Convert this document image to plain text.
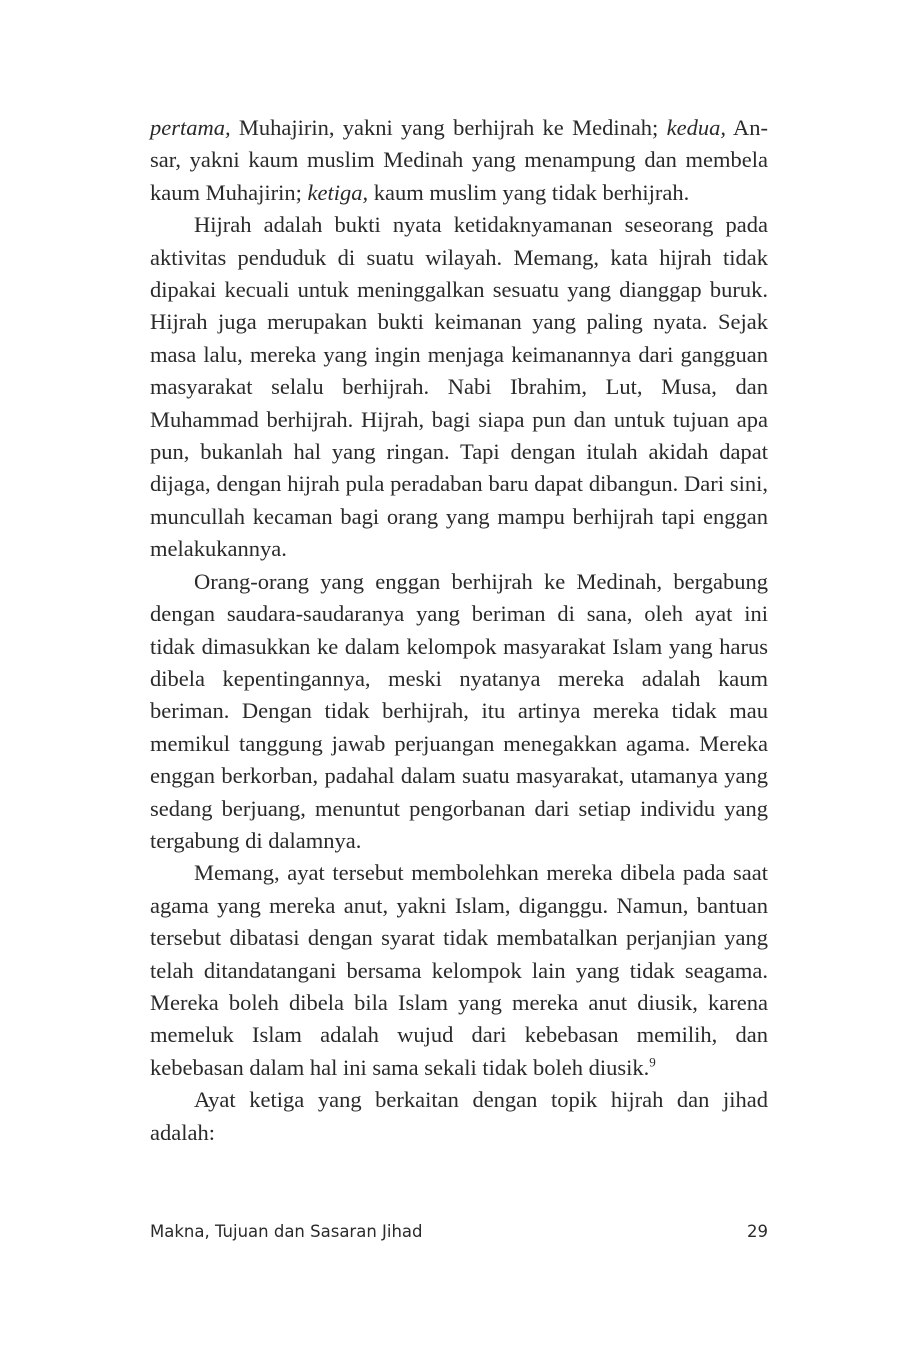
pertama, Muhajirin, yakni yang berhijrah ke Medinah; kedua, Ansar, yakni kaum muslim Medinah yang menampung dan membela kaum Muhajirin; ketiga, kaum muslim yang tidak berhijrah.

Hijrah adalah bukti nyata ketidaknyamanan seseorang pada aktivitas penduduk di suatu wilayah. Memang, kata hijrah tidak dipakai kecuali untuk meninggalkan sesuatu yang dianggap buruk. Hijrah juga merupakan bukti keimanan yang paling nyata. Sejak masa lalu, mereka yang ingin menjaga keimanannya dari gangguan masyarakat selalu berhijrah. Nabi Ibrahim, Lut, Musa, dan Muhammad berhijrah. Hijrah, bagi siapa pun dan untuk tujuan apa pun, bukanlah hal yang ringan. Tapi dengan itulah akidah dapat dijaga, dengan hijrah pula peradaban baru dapat dibangun. Dari sini, muncullah kecaman bagi orang yang mampu berhijrah tapi enggan melakukannya.

Orang-orang yang enggan berhijrah ke Medinah, bergabung dengan saudara-saudaranya yang beriman di sana, oleh ayat ini tidak dimasukkan ke dalam kelompok masyarakat Islam yang harus dibela kepentingannya, meski nyatanya mereka adalah kaum beriman. Dengan tidak berhijrah, itu artinya mereka tidak mau memikul tanggung jawab perjuangan menegakkan agama. Mereka enggan berkorban, padahal dalam suatu masyarakat, utamanya yang sedang berjuang, menuntut pengorbanan dari setiap individu yang tergabung di dalamnya.

Memang, ayat tersebut membolehkan mereka dibela pada saat agama yang mereka anut, yakni Islam, diganggu. Namun, bantuan tersebut dibatasi dengan syarat tidak membatalkan perjanjian yang telah ditandatangani bersama kelompok lain yang tidak seagama. Mereka boleh dibela bila Islam yang mereka anut diusik, karena memeluk Islam adalah wujud dari kebebasan memilih, dan kebebasan dalam hal ini sama sekali tidak boleh diusik.$^9$

Ayat ketiga yang berkaitan dengan topik hijrah dan jihad adalah:

Makna, Tujuan dan Sasaran Jihad	29
